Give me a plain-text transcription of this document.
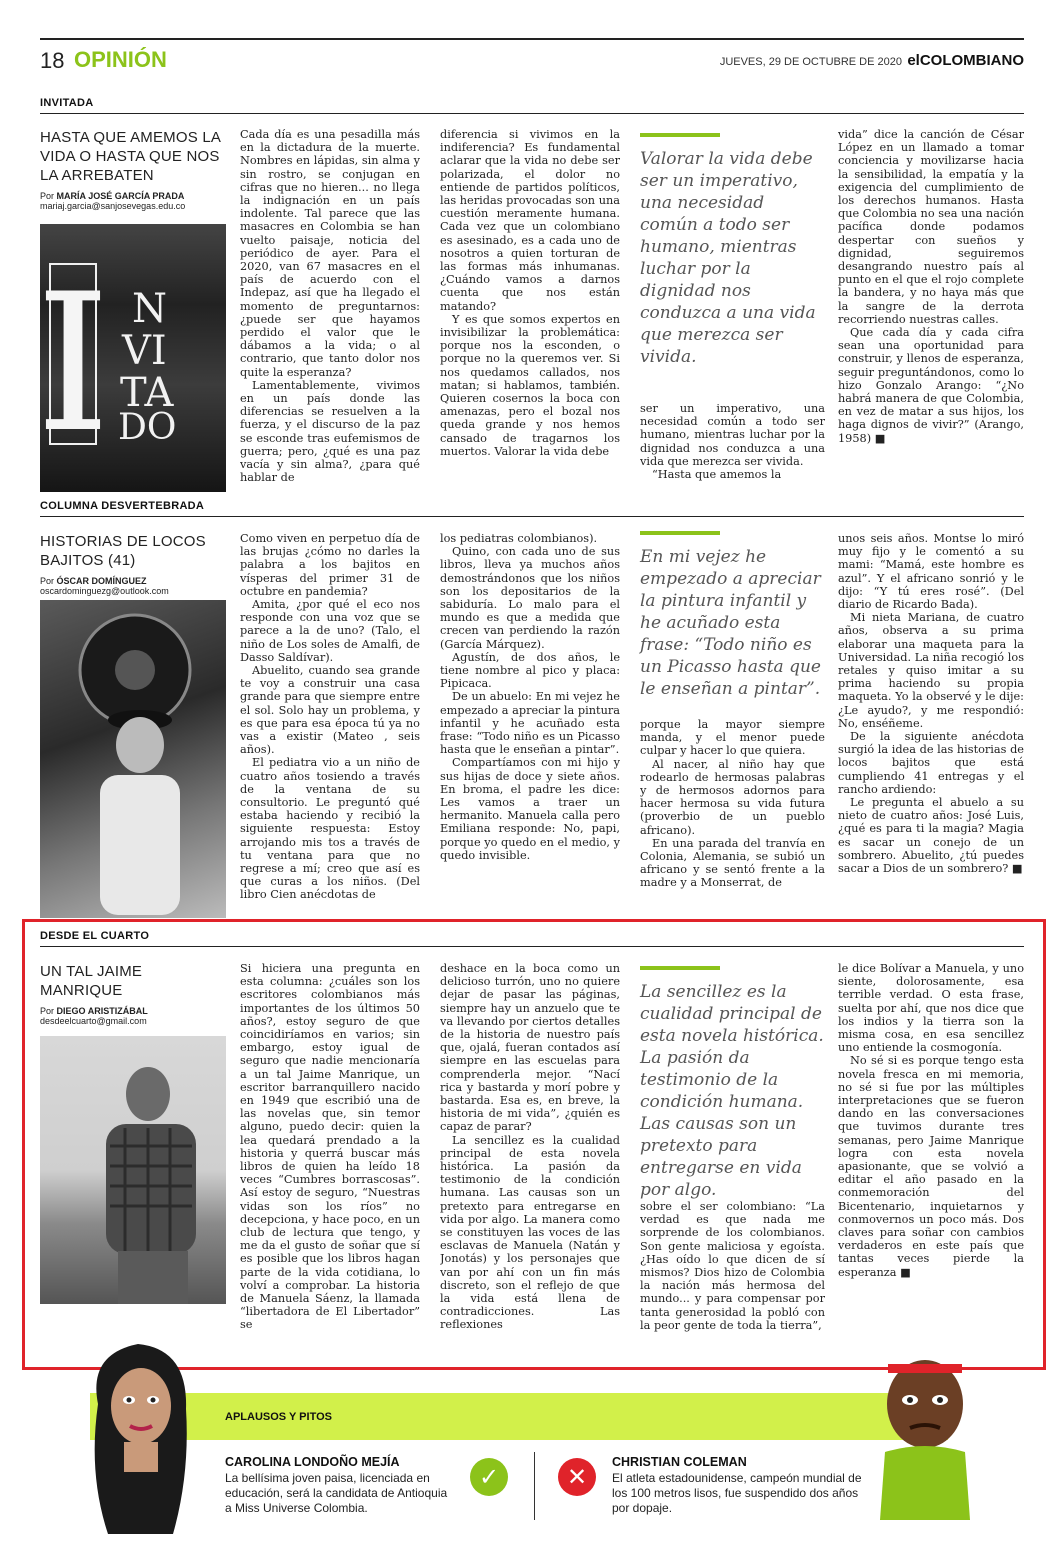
18 OPINIÓN	JUEVES, 29 DE OCTUBRE DE 2020 elCOLOMBIANO
INVITADA
HASTA QUE AMEMOS LA VIDA O HASTA QUE NOS LA ARREBATEN
Por MARÍA JOSÉ GARCÍA PRADA
mariaj.garcia@sanjosevegas.edu.co
I N
VI
TA
DO

Cada día es una pesadilla más en la dictadura de la muerte. Nombres en lápidas, sin alma y sin rostro, se conjugan en cifras que no hieren... no llega la indignación en un país indolente. Tal parece que las masacres en Colombia se han vuelto paisaje, noticia del periódico de ayer. Para el 2020, van 67 masacres en el país de acuerdo con el Indepaz, así que ha llegado el momento de preguntarnos: ¿puede ser que hayamos perdido el valor que le dábamos a la vida; o al contrario, que tanto dolor nos quite la esperanza?

Lamentablemente, vivimos en un país donde las diferencias se resuelven a la fuerza, y el discurso de la paz se esconde tras eufemismos de guerra; pero, ¿qué es una paz vacía y sin alma?, ¿para qué hablar de

diferencia si vivimos en la indiferencia? Es fundamental aclarar que la vida no debe ser polarizada, el dolor no entiende de partidos políticos, las heridas provocadas son una cuestión meramente humana. Cada vez que un colombiano es asesinado, es a cada uno de nosotros a quien torturan de las formas más inhumanas. ¿Cuándo vamos a darnos cuenta que nos están matando?

Y es que somos expertos en invisibilizar la problemática: porque nos la esconden, o porque no la queremos ver. Si nos quedamos callados, nos matan; si hablamos, también. Quieren cosernos la boca con amenazas, pero el bozal nos queda grande y nos hemos cansado de tragarnos los muertos. Valorar la vida debe

Valorar la vida debe ser un imperativo, una necesidad común a todo ser humano, mientras luchar por la dignidad nos conduzca a una vida que merezca ser vivida.

ser un imperativo, una necesidad común a todo ser humano, mientras luchar por la dignidad nos conduzca a una vida que merezca ser vivida.

“Hasta que amemos la

vida” dice la canción de César López en un llamado a tomar conciencia y movilizarse hacia la sensibilidad, la empatía y la exigencia del cumplimiento de los derechos humanos. Hasta que Colombia no sea una nación pacífica donde podamos despertar con sueños y dignidad, seguiremos desangrando nuestro país al punto en el que el rojo complete la bandera, y no haya más que la sangre de la derrota recorriendo nuestras calles.

Que cada día y cada cifra sean una oportunidad para construir, y llenos de esperanza, seguir preguntándonos, como lo hizo Gonzalo Arango: “¿No habrá manera de que Colombia, en vez de matar a sus hijos, los haga dignos de vivir?” (Arango, 1958) ■

COLUMNA DESVERTEBRADA
HISTORIAS DE LOCOS BAJITOS (41)
Por ÓSCAR DOMÍNGUEZ
oscardominguezg@outlook.com

Como viven en perpetuo día de las brujas ¿cómo no darles la palabra a los bajitos en vísperas del primer 31 de octubre en pandemia?

Amita, ¿por qué el eco nos responde con una voz que se parece a la de uno? (Talo, el niño de Los soles de Amalfi, de Dasso Saldívar).

Abuelito, cuando sea grande te voy a construir una casa grande para que siempre entre el sol. Solo hay un problema, y es que para esa época tú ya no vas a existir (Mateo , seis años).

El pediatra vio a un niño de cuatro años tosiendo a través de la ventana de su consultorio. Le preguntó qué estaba haciendo y recibió la siguiente respuesta: Estoy arrojando mis tos a través de tu ventana para que no regrese a mí; creo que así es que curas a los niños. (Del libro Cien anécdotas de

los pediatras colombianos).

Quino, con cada uno de sus libros, lleva ya muchos años demostrándonos que los niños son los depositarios de la sabiduría. Lo malo para el mundo es que a medida que crecen van perdiendo la razón (García Márquez).

Agustín, de dos años, le tiene nombre al pico y placa: Pipicaca.

De un abuelo: En mi vejez he empezado a apreciar la pintura infantil y he acuñado esta frase: “Todo niño es un Picasso hasta que le enseñan a pintar”.

Compartíamos con mi hijo y sus hijas de doce y siete años. En broma, el padre les dice: Les vamos a traer un hermanito. Manuela calla pero Emiliana responde: No, papi, porque yo quedo en el medio, y quedo invisible.

En mi vejez he empezado a apreciar la pintura infantil y he acuñado esta frase: “Todo niño es un Picasso hasta que le enseñan a pintar”.

porque la mayor siempre manda, y el menor puede culpar y hacer lo que quiera.

Al nacer, al niño hay que rodearlo de hermosas palabras y de hermosos adornos para hacer hermosa su vida futura (proverbio de un pueblo africano).

En una parada del tranvía en Colonia, Alemania, se subió un africano y se sentó frente a la madre y a Monserrat, de

unos seis años. Montse lo miró muy fijo y le comentó a su mami: “Mamá, este hombre es azul”. Y el africano sonrió y le dijo: “Y tú eres rosé”. (Del diario de Ricardo Bada).

Mi nieta Mariana, de cuatro años, observa a su prima elaborar una maqueta para la Universidad. La niña recogió los retales y quiso imitar a su prima haciendo su propia maqueta. Yo la observé y le dije: ¿Le ayudo?, y me respondió: No, enséñeme.

De la siguiente anécdota surgió la idea de las historias de locos bajitos que está cumpliendo 41 entregas y el rancho ardiendo:

Le pregunta el abuelo a su nieto de cuatro años: José Luis, ¿qué es para ti la magia? Magia es sacar un conejo de un sombrero. Abuelito, ¿tú puedes sacar a Dios de un sombrero? ■

DESDE EL CUARTO
UN TAL JAIME MANRIQUE
Por DIEGO ARISTIZÁBAL
desdeelcuarto@gmail.com

Si hiciera una pregunta en esta columna: ¿cuáles son los escritores colombianos más importantes de los últimos 50 años?, estoy seguro de que coincidiríamos en varios; sin embargo, estoy igual de seguro que nadie mencionaría a un tal Jaime Manrique, un escritor barranquillero nacido en 1949 que escribió una de las novelas que, sin temor alguno, puedo decir: quien la lea quedará prendado a la historia y querrá buscar más libros de quien ha leído 18 veces “Cumbres borrascosas”. Así estoy de seguro, “Nuestras vidas son los ríos” no decepciona, y hace poco, en un club de lectura que tengo, y me da el gusto de soñar que sí es posible que los libros hagan parte de la vida cotidiana, lo volví a comprobar. La historia de Manuela Sáenz, la llamada “libertadora de El Libertador” se

deshace en la boca como un delicioso turrón, uno no quiere dejar de pasar las páginas, siempre hay un anzuelo que te va llevando por ciertos detalles de la historia de nuestro país que, ojalá, fueran contados así siempre en las escuelas para comprenderla mejor. “Nací rica y bastarda y morí pobre y bastarda. Esa es, en breve, la historia de mi vida”, ¿quién es capaz de parar?

La sencillez es la cualidad principal de esta novela histórica. La pasión da testimonio de la condición humana. Las causas son un pretexto para entregarse en vida por algo. La manera como se constituyen las voces de las esclavas de Manuela (Natán y Jonotás) y los personajes que van por ahí con un fin más discreto, son el reflejo de que la vida está llena de contradicciones. Las reflexiones

La sencillez es la cualidad principal de esta novela histórica. La pasión da testimonio de la condición humana. Las causas son un pretexto para entregarse en vida por algo.

sobre el ser colombiano: “La verdad es que nada me sorprende de los colombianos. Son gente maliciosa y egoísta. ¿Has oído lo que dicen de sí mismos? Dios hizo de Colombia la nación más hermosa del mundo... y para compensar por tanta generosidad la pobló con la peor gente de toda la tierra”,

le dice Bolívar a Manuela, y uno siente, dolorosamente, esa terrible verdad. O esta frase, suelta por ahí, que nos dice que los indios y la tierra son la misma cosa, en esa sencillez uno entiende la cosmogonía.

No sé si es porque tengo esta novela fresca en mi memoria, no sé si fue por las múltiples interpretaciones que se fueron dando en las conversaciones que tuvimos durante tres semanas, pero Jaime Manrique logra con esta novela apasionante, que se volvió a editar el año pasado en la conmemoración del Bicentenario, inquietarnos y conmovernos un poco más. Dos claves para soñar con cambios verdaderos en este país que tantas veces pierde la esperanza ■

APLAUSOS Y PITOS
CAROLINA LONDOÑO MEJÍA
La bellísima joven paisa, licenciada en educación, será la candidata de Antioquia a Miss Universe Colombia.
✓	✕
CHRISTIAN COLEMAN
El atleta estadounidense, campeón mundial de los 100 metros lisos, fue suspendido dos años por dopaje.
